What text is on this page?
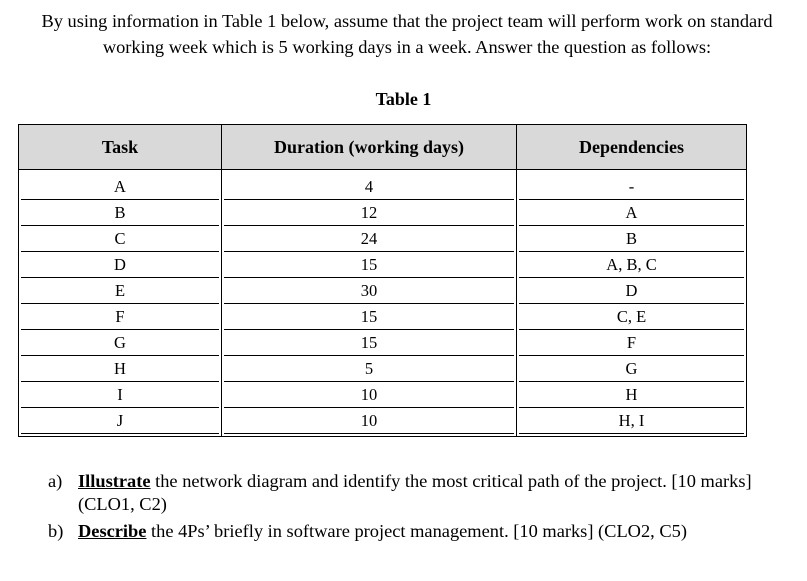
By using information in Table 1 below, assume that the project team will perform work on standard working week which is 5 working days in a week. Answer the question as follows:
Table 1
Task	Duration (working days)	Dependencies

A	4	-

B	12	A

C	24	B

D	15	A, B, C

E	30	D

F	15	C, E

G	15	F

H	5	G

I	10	H

J	10	H, I
a) Illustrate the network diagram and identify the most critical path of the project. [10 marks] (CLO1, C2)
b) Describe the 4Ps’ briefly in software project management. [10 marks] (CLO2, C5)
